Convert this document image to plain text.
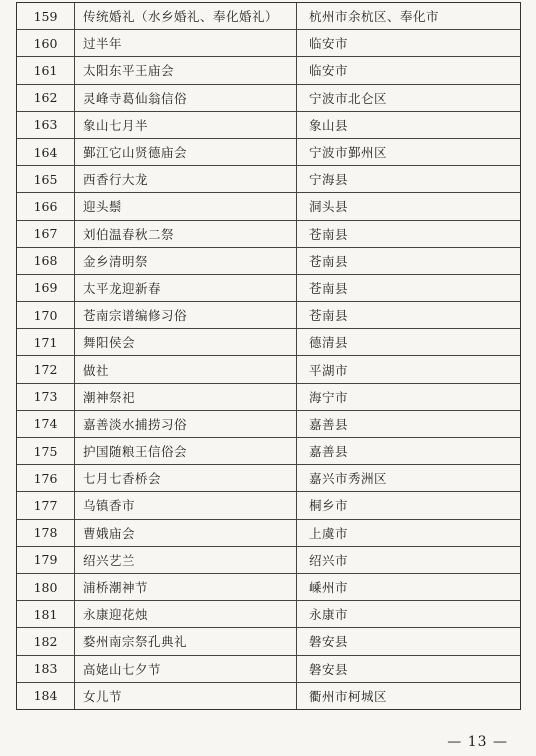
159	传统婚礼（水乡婚礼、奉化婚礼）	杭州市余杭区、奉化市
160	过半年	临安市
161	太阳东平王庙会	临安市
162	灵峰寺葛仙翁信俗	宁波市北仑区
163	象山七月半	象山县
164	鄞江它山贤德庙会	宁波市鄞州区
165	西香行大龙	宁海县
166	迎头鬃	洞头县
167	刘伯温春秋二祭	苍南县
168	金乡清明祭	苍南县
169	太平龙迎新春	苍南县
170	苍南宗谱编修习俗	苍南县
171	舞阳侯会	德清县
172	做社	平湖市
173	潮神祭祀	海宁市
174	嘉善淡水捕捞习俗	嘉善县
175	护国随粮王信俗会	嘉善县
176	七月七香桥会	嘉兴市秀洲区
177	乌镇香市	桐乡市
178	曹娥庙会	上虞市
179	绍兴艺兰	绍兴市
180	浦桥潮神节	嵊州市
181	永康迎花烛	永康市
182	婺州南宗祭孔典礼	磐安县
183	高姥山七夕节	磐安县
184	女儿节	衢州市柯城区
— 13 —
